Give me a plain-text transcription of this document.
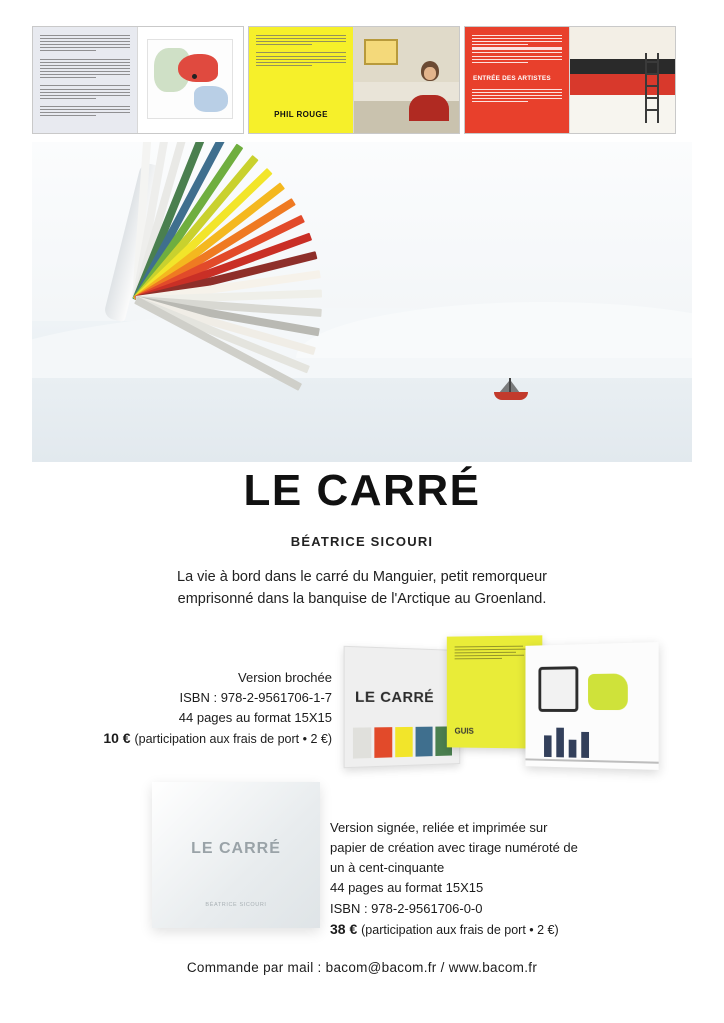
PHIL ROUGE
ENTRÉE DES ARTISTES
LE CARRÉ
BÉATRICE SICOURI
La vie à bord dans le carré du Manguier, petit remorqueur
emprisonné dans la banquise de l'Arctique au Groenland.
Version brochée
ISBN : 978-2-9561706-1-7
44 pages au format 15X15
10 € (participation aux frais de port • 2 €)
LE CARRÉ
GUIS
LE CARRÉ
BÉATRICE SICOURI
Version signée, reliée et imprimée sur
papier de création avec tirage numéroté de
un à cent-cinquante
44 pages au format 15X15
ISBN : 978-2-9561706-0-0
38 € (participation aux frais de port • 2 €)
Commande par mail : bacom@bacom.fr / www.bacom.fr
